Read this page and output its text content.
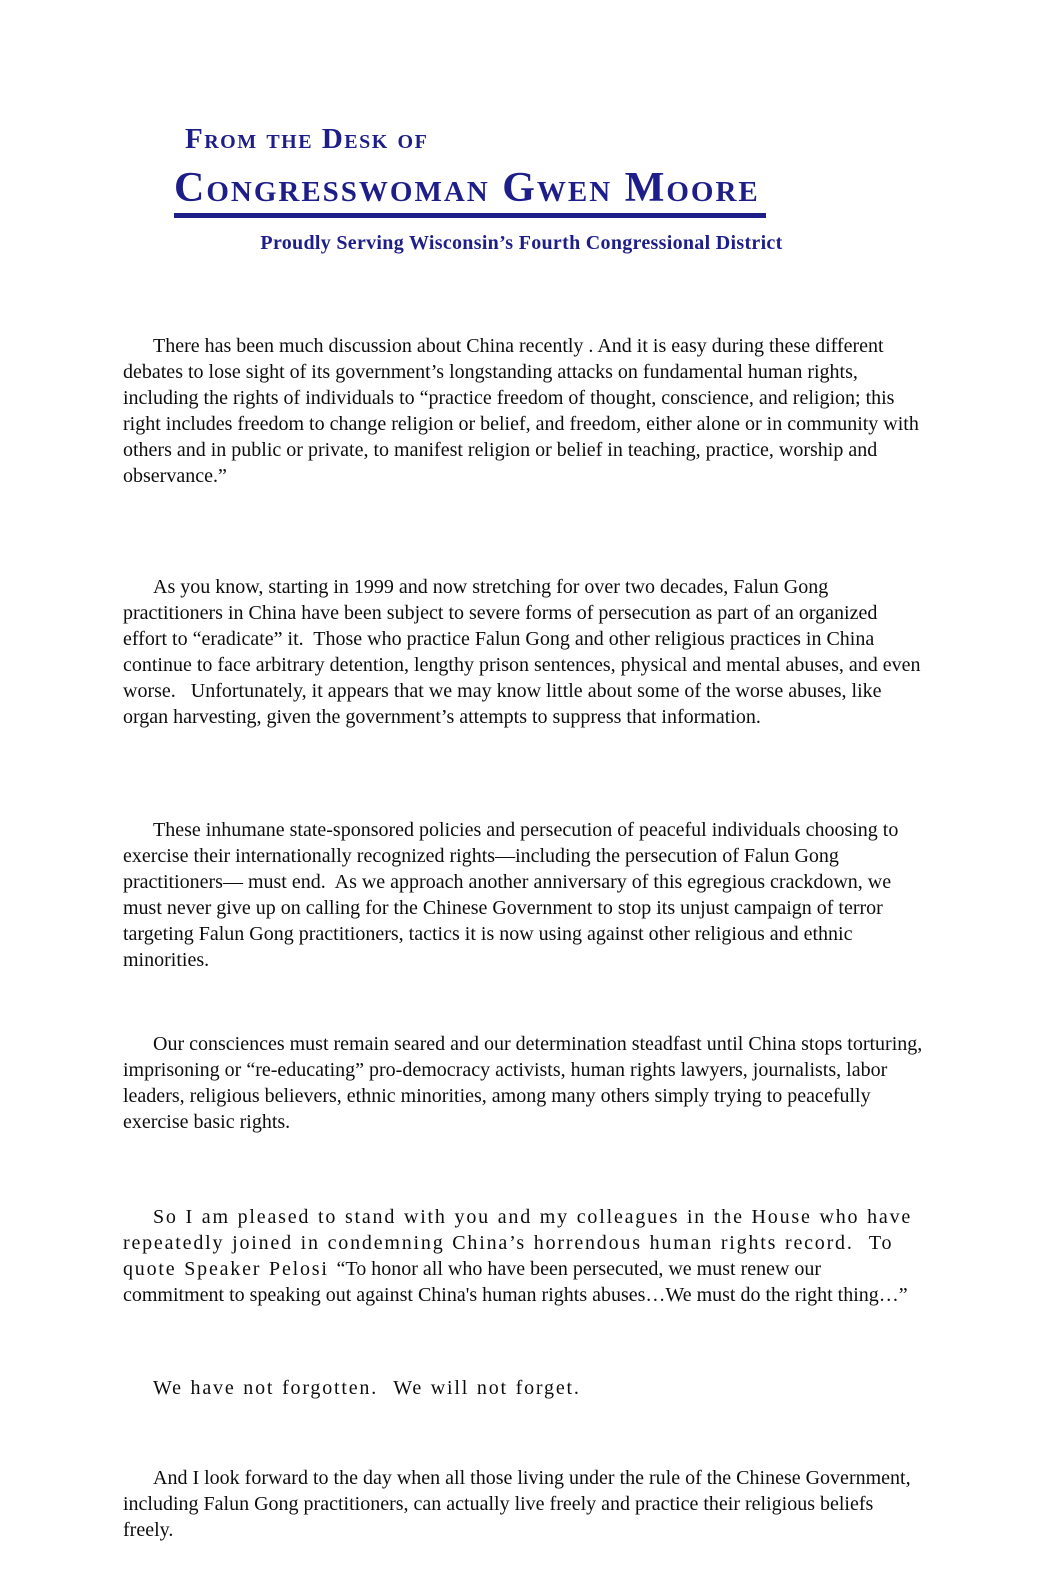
From the Desk of
Congresswoman Gwen Moore
Proudly Serving Wisconsin’s Fourth Congressional District

There has been much discussion about China recently . And it is easy during these different debates to lose sight of its government’s longstanding attacks on fundamental human rights, including the rights of individuals to “practice freedom of thought, conscience, and religion; this right includes freedom to change religion or belief, and freedom, either alone or in community with others and in public or private, to manifest religion or belief in teaching, practice, worship and observance.”

As you know, starting in 1999 and now stretching for over two decades, Falun Gong practitioners in China have been subject to severe forms of persecution as part of an organized effort to “eradicate” it.  Those who practice Falun Gong and other religious practices in China continue to face arbitrary detention, lengthy prison sentences, physical and mental abuses, and even worse.   Unfortunately, it appears that we may know little about some of the worse abuses, like organ harvesting, given the government’s attempts to suppress that information.

These inhumane state-sponsored policies and persecution of peaceful individuals choosing to exercise their internationally recognized rights—including the persecution of Falun Gong practitioners— must end.  As we approach another anniversary of this egregious crackdown, we must never give up on calling for the Chinese Government to stop its unjust campaign of terror targeting Falun Gong practitioners, tactics it is now using against other religious and ethnic minorities.

Our consciences must remain seared and our determination steadfast until China stops torturing, imprisoning or “re-educating” pro-democracy activists, human rights lawyers, journalists, labor leaders, religious believers, ethnic minorities, among many others simply trying to peacefully exercise basic rights.

So I am pleased to stand with you and my colleagues in the House who have repeatedly joined in condemning China’s horrendous human rights record.  To quote Speaker Pelosi “To honor all who have been persecuted, we must renew our commitment to speaking out against China's human rights abuses…We must do the right thing…”

We have not forgotten.  We will not forget.

And I look forward to the day when all those living under the rule of the Chinese Government, including Falun Gong practitioners, can actually live freely and practice their religious beliefs freely.
